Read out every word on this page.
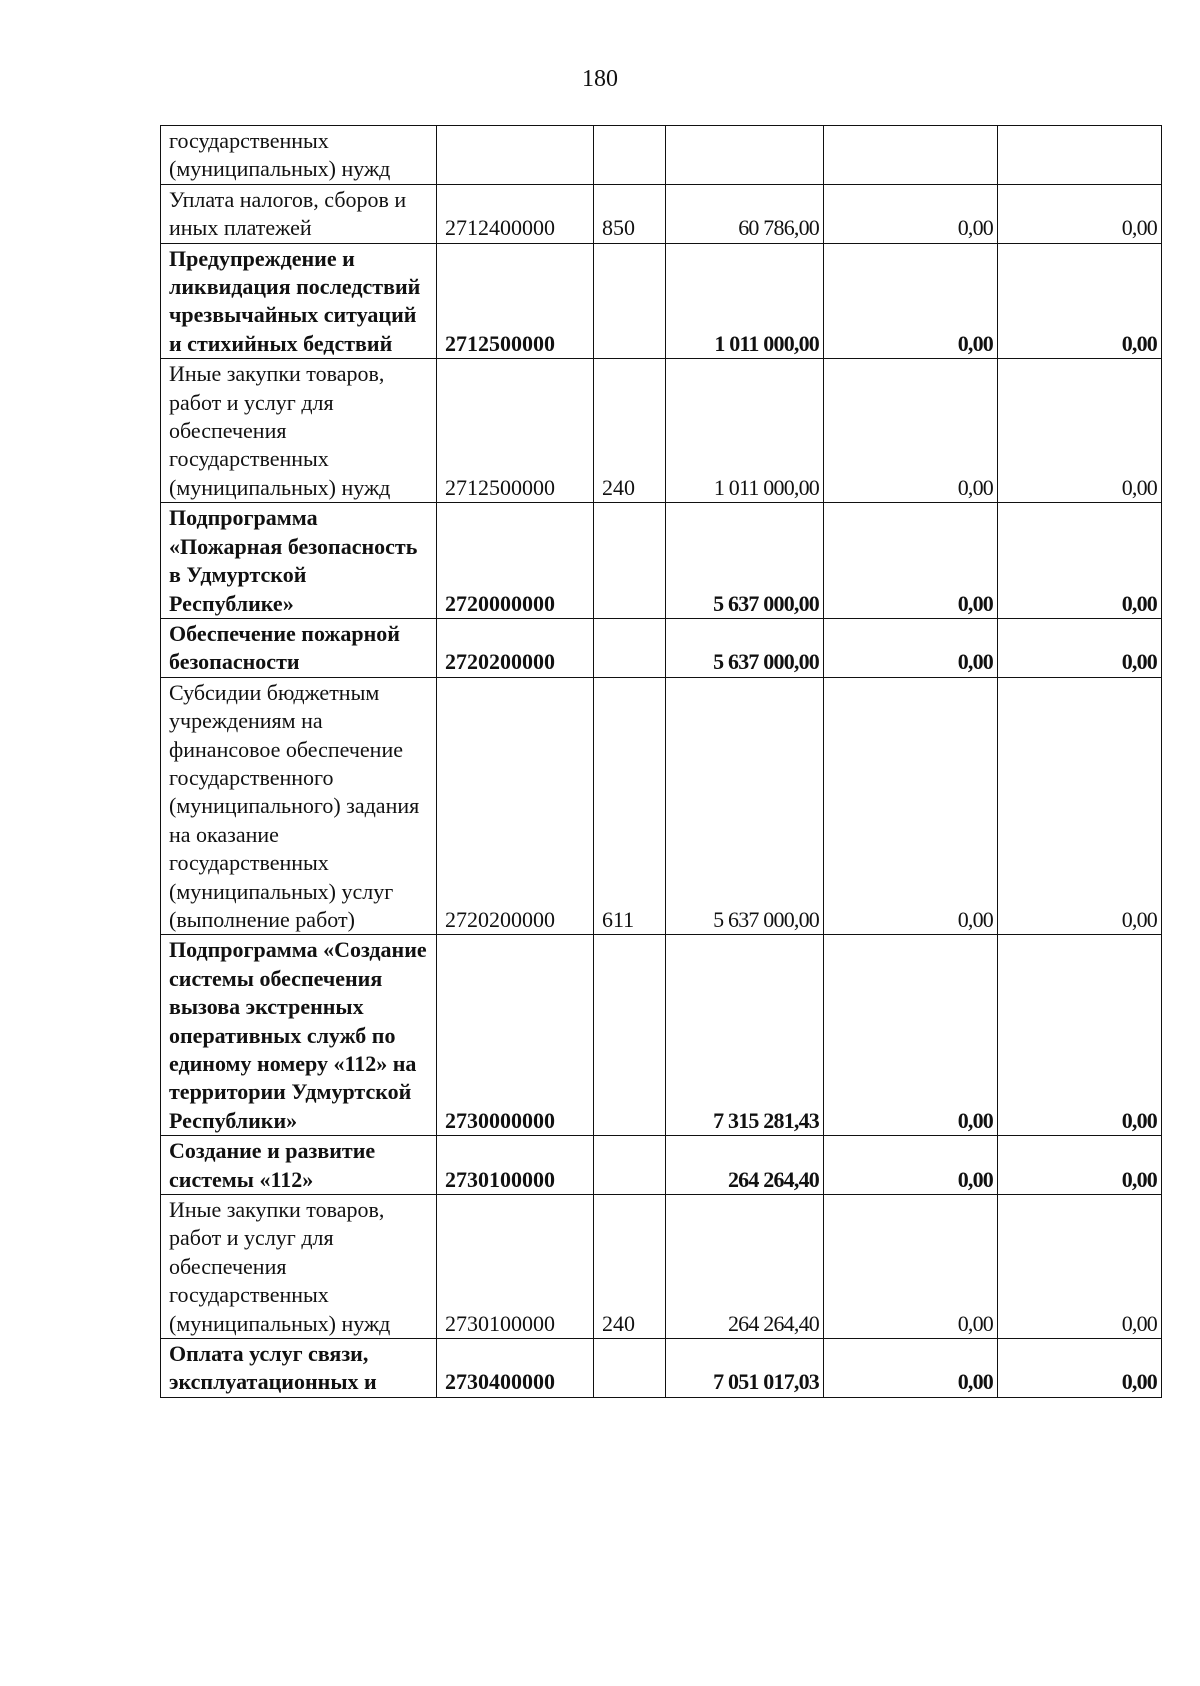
180
государственных (муниципальных) нужд					
Уплата налогов, сборов и иных платежей	2712400000	850	60 786,00	0,00	0,00
Предупреждение и ликвидация последствий чрезвычайных ситуаций и стихийных бедствий	2712500000		1 011 000,00	0,00	0,00
Иные закупки товаров, работ и услуг для обеспечения государственных (муниципальных) нужд	2712500000	240	1 011 000,00	0,00	0,00
Подпрограмма «Пожарная безопасность в Удмуртской Республике»	2720000000		5 637 000,00	0,00	0,00
Обеспечение пожарной безопасности	2720200000		5 637 000,00	0,00	0,00
Субсидии бюджетным учреждениям на финансовое обеспечение государственного (муниципального) задания на оказание государственных (муниципальных) услуг (выполнение работ)	2720200000	611	5 637 000,00	0,00	0,00
Подпрограмма «Создание системы обеспечения вызова экстренных оперативных служб по единому номеру «112» на территории Удмуртской Республики»	2730000000		7 315 281,43	0,00	0,00
Создание и развитие системы «112»	2730100000		264 264,40	0,00	0,00
Иные закупки товаров, работ и услуг для обеспечения государственных (муниципальных) нужд	2730100000	240	264 264,40	0,00	0,00
Оплата услуг связи, эксплуатационных и	2730400000		7 051 017,03	0,00	0,00
